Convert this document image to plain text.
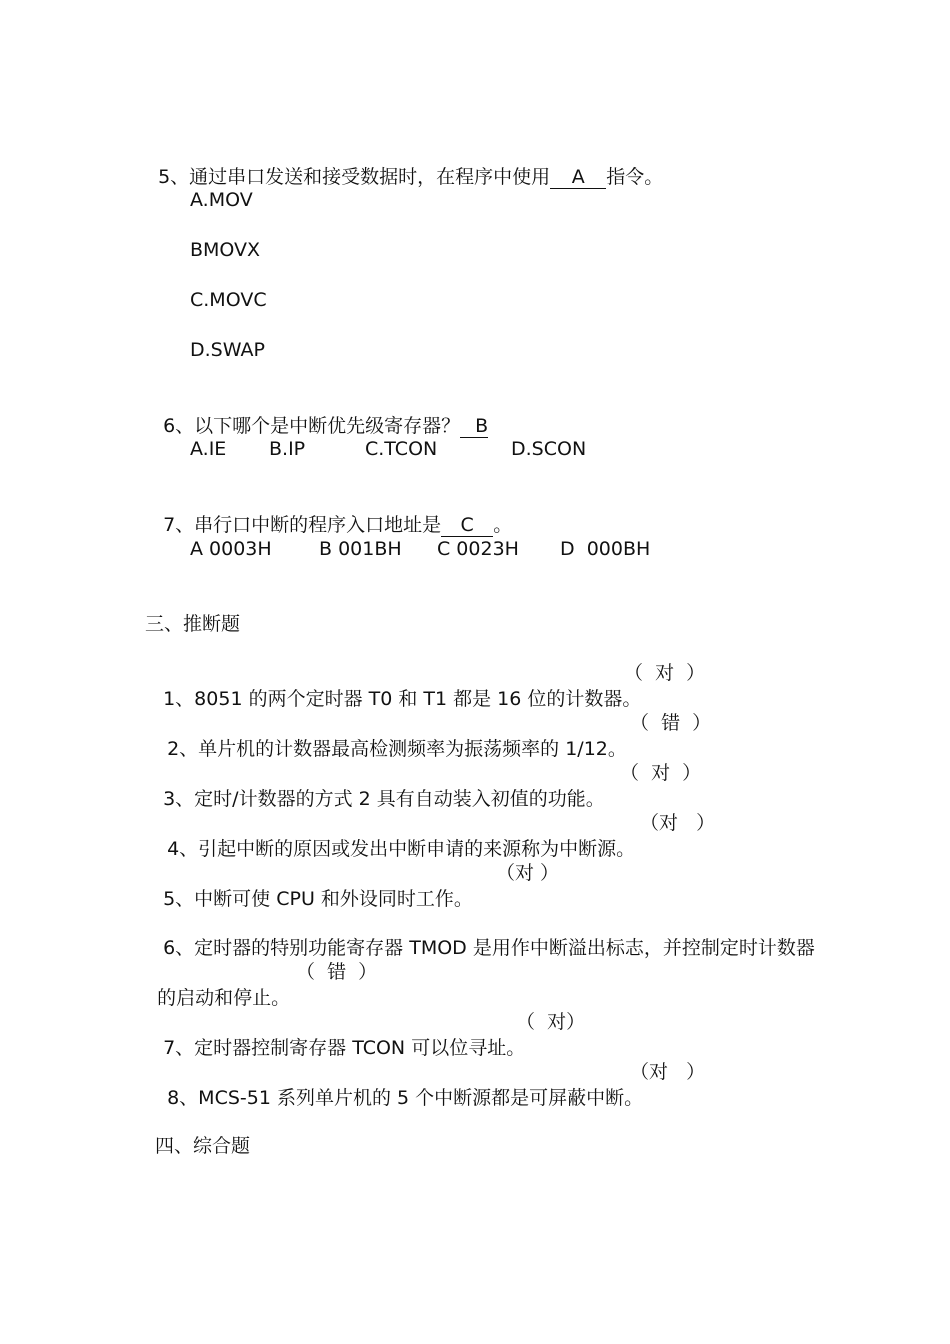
5、通过串口发送和接受数据时，在程序中使用 A 指令。

A.MOV
BMOVX
C.MOVC
D.SWAP

6、以下哪个是中断优先级寄存器？ B

A.IE B.IP	C.TCON	D.SCON

7、串行口中断的程序入口地址是 C 。

A 0003H B 001BH C 0023H D  000BH
三、推断题

1、8051 的两个定时器 T0 和 T1 都是 16 位的计数器。

（  对  ）

2、单片机的计数器最高检测频率为振荡频率的 1/12。

（  错  ）

3、定时/计数器的方式 2 具有自动装入初值的功能。

（  对  ）

4、引起中断的原因或发出中断申请的来源称为中断源。

（对   ）

5、中断可使 CPU 和外设同时工作。

（对 ）

6、定时器的特别功能寄存器 TMOD 是用作中断溢出标志，并控制定时计数器

的启动和停止。

（  错  ）

7、定时器控制寄存器 TCON 可以位寻址。

（  对）

8、MCS-51 系列单片机的 5 个中断源都是可屏蔽中断。

（对   ）
四、综合题
